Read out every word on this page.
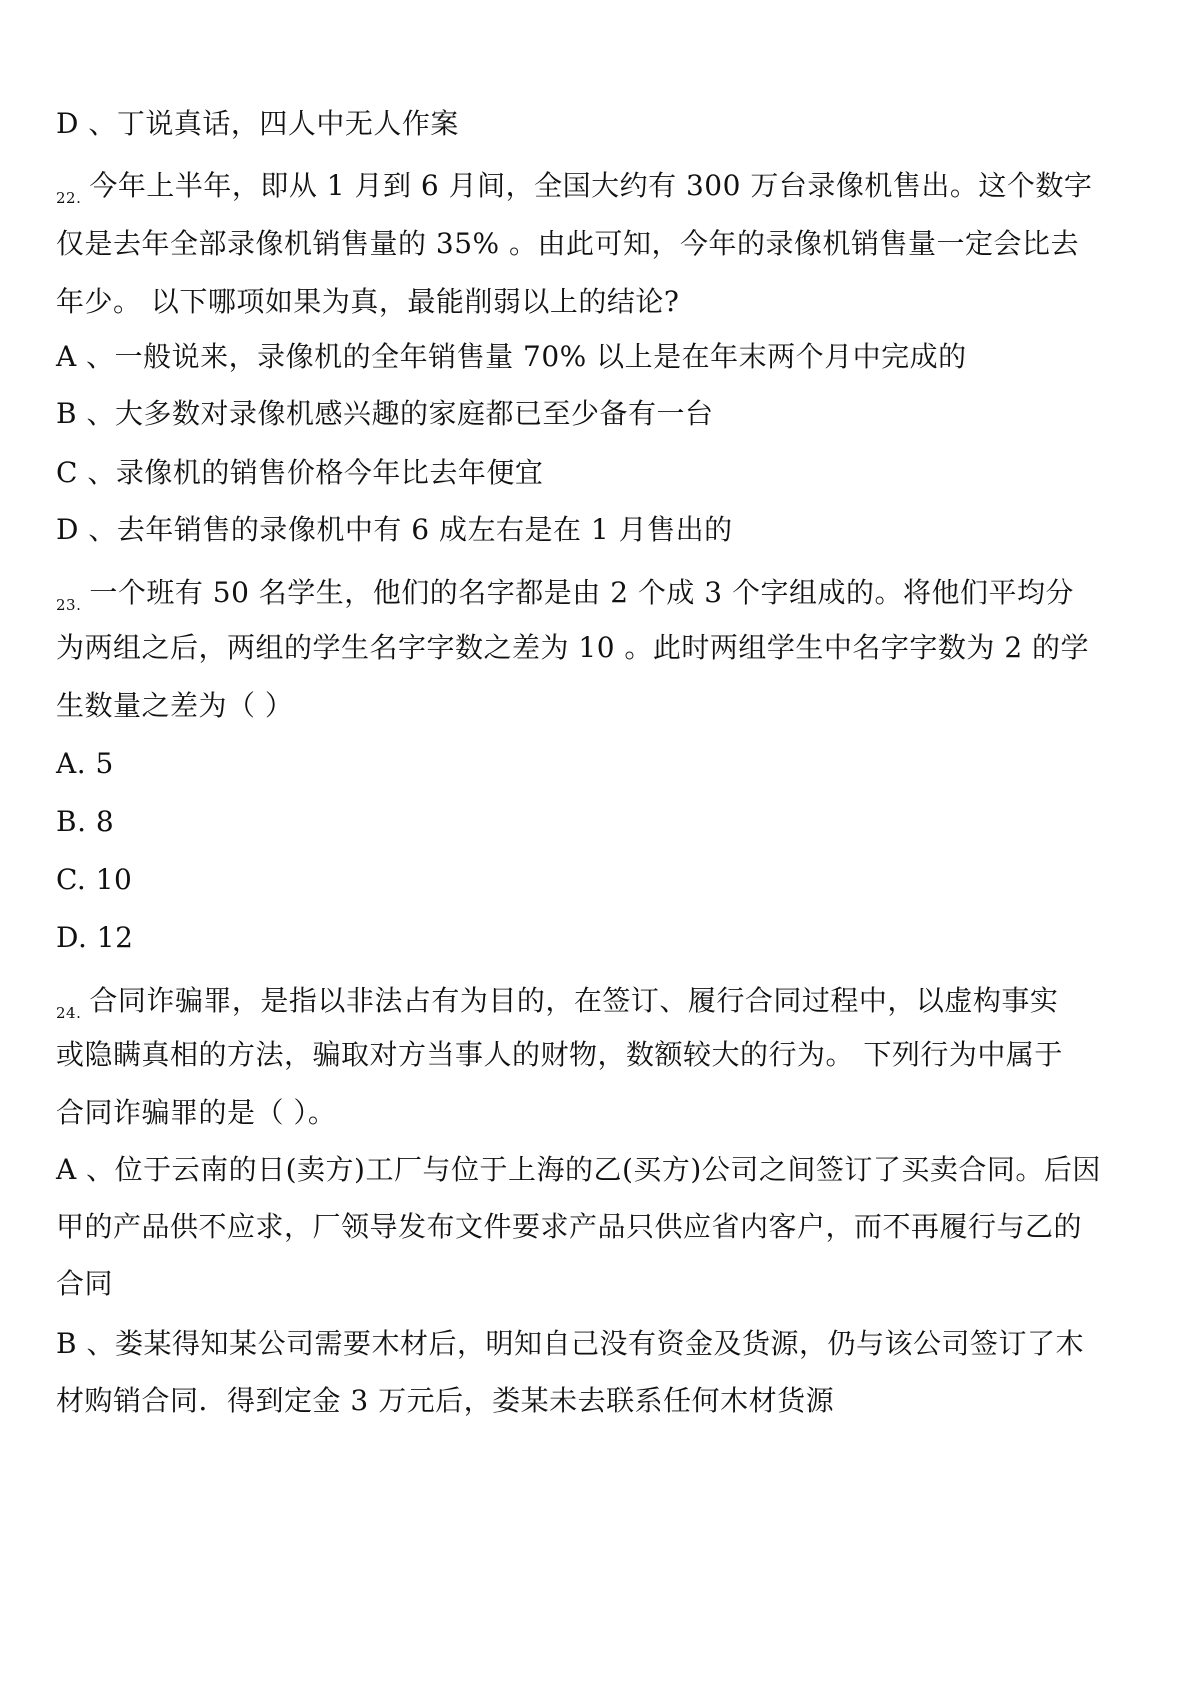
D 、丁说真话，四人中无人作案
$_{22.}$ 今年上半年，即从 1 月到 6 月间，全国大约有 300 万台录像机售出。这个数字
仅是去年全部录像机销售量的 35% 。由此可知，今年的录像机销售量一定会比去
年少。 以下哪项如果为真，最能削弱以上的结论?
A 、一般说来，录像机的全年销售量 70% 以上是在年末两个月中完成的
B 、大多数对录像机感兴趣的家庭都已至少备有一台
C 、录像机的销售价格今年比去年便宜
D 、去年销售的录像机中有 6 成左右是在 1 月售出的
$_{23.}$ 一个班有 50 名学生，他们的名字都是由 2 个成 3 个字组成的。将他们平均分
为两组之后，两组的学生名字字数之差为 10 。此时两组学生中名字字数为 2 的学
生数量之差为（ ）
A. 5
B. 8
C. 10
D. 12
$_{24.}$ 合同诈骗罪，是指以非法占有为目的，在签订、履行合同过程中，以虚构事实
或隐瞒真相的方法，骗取对方当事人的财物，数额较大的行为。 下列行为中属于
合同诈骗罪的是（ ）。
A 、位于云南的日(卖方)工厂与位于上海的乙(买方)公司之间签订了买卖合同。后因
甲的产品供不应求，厂领导发布文件要求产品只供应省内客户，而不再履行与乙的
合同
B 、娄某得知某公司需要木材后，明知自己没有资金及货源，仍与该公司签订了木
材购销合同．得到定金 3 万元后，娄某未去联系任何木材货源
